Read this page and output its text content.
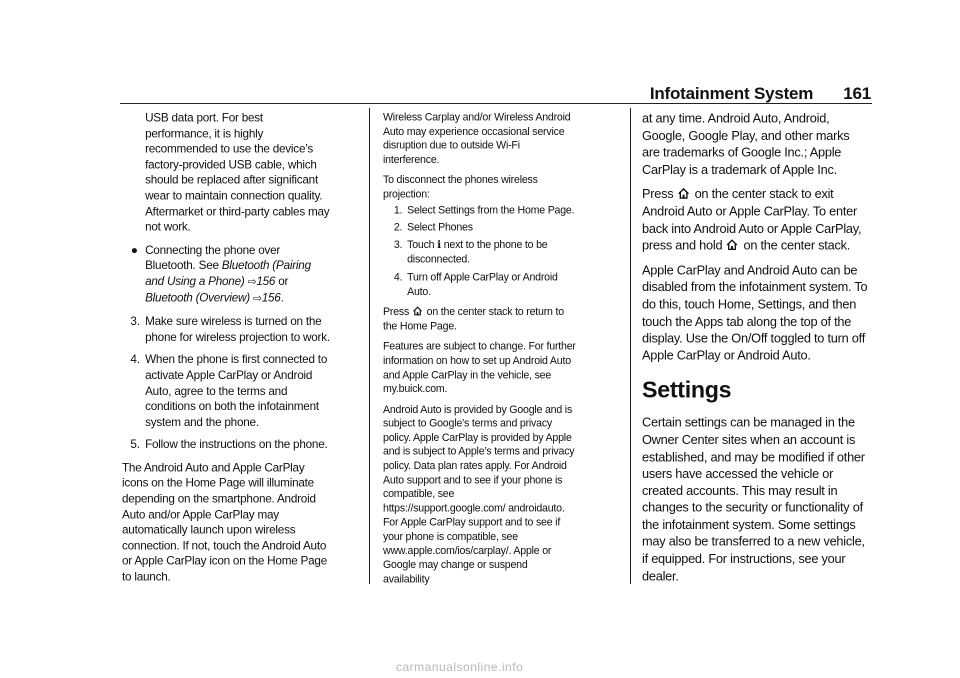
Infotainment System 161

USB data port. For best performance, it is highly recommended to use the device’s factory-provided USB cable, which should be replaced after significant wear to maintain connection quality. Aftermarket or third-party cables may not work.

● Connecting the phone over Bluetooth. See Bluetooth (Pairing and Using a Phone) ⇨156 or
Bluetooth (Overview) ⇨156.

3. Make sure wireless is turned on the phone for wireless projection to work.

4. When the phone is first connected to activate Apple CarPlay or Android Auto, agree to the terms and conditions on both the infotainment system and the phone.

5. Follow the instructions on the phone.

The Android Auto and Apple CarPlay icons on the Home Page will illuminate depending on the smartphone. Android Auto and/or Apple CarPlay may automatically launch upon wireless connection. If not, touch the Android Auto or Apple CarPlay icon on the Home Page to launch.

Wireless Carplay and/or Wireless Android Auto may experience occasional service disruption due to outside Wi-Fi interference.

To disconnect the phones wireless projection:

1. Select Settings from the Home Page.

2. Select Phones

3. Touch i next to the phone to be disconnected.

4. Turn off Apple CarPlay or Android Auto.

Press on the center stack to return to the Home Page.

Features are subject to change. For further information on how to set up Android Auto and Apple CarPlay in the vehicle, see my.buick.com.

Android Auto is provided by Google and is subject to Google’s terms and privacy policy. Apple CarPlay is provided by Apple and is subject to Apple’s terms and privacy policy. Data plan rates apply. For Android Auto support and to see if your phone is compatible, see https://support.google.com/ androidauto. For Apple CarPlay support and to see if your phone is compatible, see www.apple.com/ios/carplay/. Apple or Google may change or suspend availability

at any time. Android Auto, Android, Google, Google Play, and other marks are trademarks of Google Inc.; Apple CarPlay is a trademark of Apple Inc.

Press on the center stack to exit Android Auto or Apple CarPlay. To enter back into Android Auto or Apple CarPlay, press and hold on the center stack.

Apple CarPlay and Android Auto can be disabled from the infotainment system. To do this, touch Home, Settings, and then touch the Apps tab along the top of the display. Use the On/Off toggled to turn off Apple CarPlay or Android Auto.

Settings

Certain settings can be managed in the Owner Center sites when an account is established, and may be modified if other users have accessed the vehicle or created accounts. This may result in changes to the security or functionality of the infotainment system. Some settings may also be transferred to a new vehicle, if equipped. For instructions, see your dealer.

carmanualsonline.info
